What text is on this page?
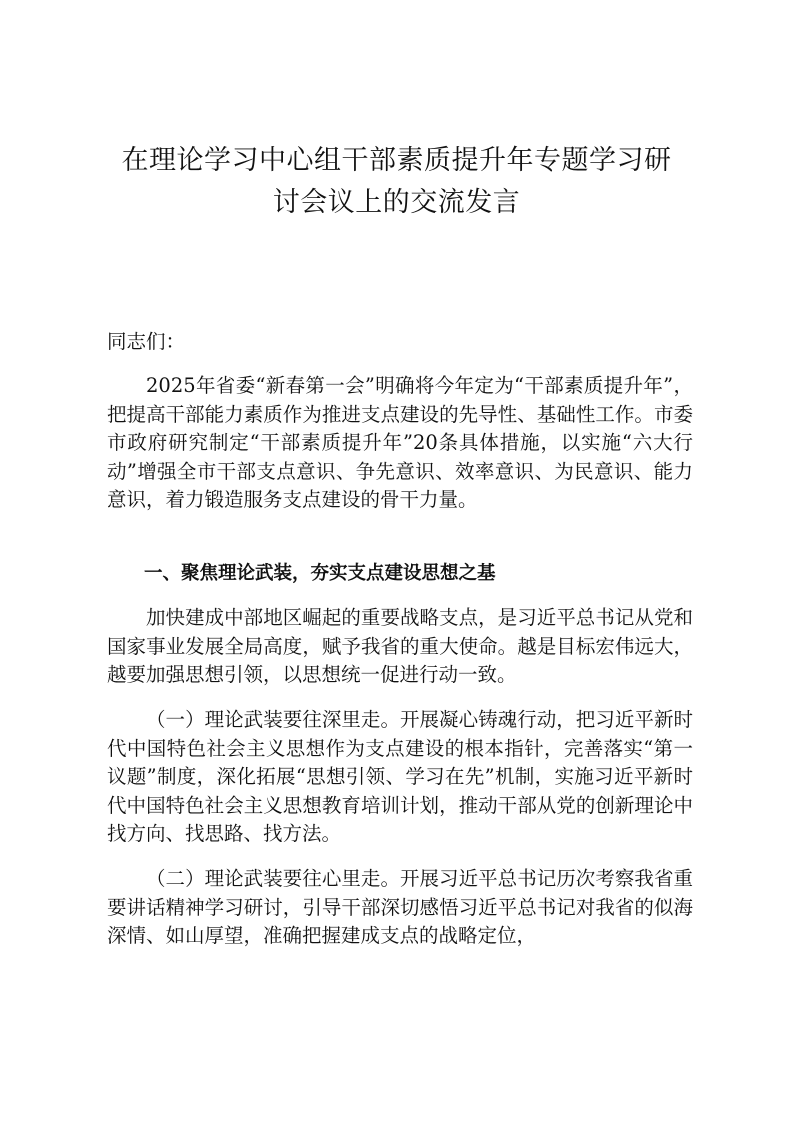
在理论学习中心组干部素质提升年专题学习研
讨会议上的交流发言

同志们：

2025年省委“新春第一会”明确将今年定为“干部素质提升年”，把提高干部能力素质作为推进支点建设的先导性、基础性工作。市委市政府研究制定“干部素质提升年”20条具体措施，以实施“六大行动”增强全市干部支点意识、争先意识、效率意识、为民意识、能力意识，着力锻造服务支点建设的骨干力量。

一、聚焦理论武装，夯实支点建设思想之基

加快建成中部地区崛起的重要战略支点，是习近平总书记从党和国家事业发展全局高度，赋予我省的重大使命。越是目标宏伟远大，越要加强思想引领，以思想统一促进行动一致。

（一）理论武装要往深里走。开展凝心铸魂行动，把习近平新时代中国特色社会主义思想作为支点建设的根本指针，完善落实“第一议题”制度，深化拓展“思想引领、学习在先”机制，实施习近平新时代中国特色社会主义思想教育培训计划，推动干部从党的创新理论中找方向、找思路、找方法。

（二）理论武装要往心里走。开展习近平总书记历次考察我省重要讲话精神学习研讨，引导干部深切感悟习近平总书记对我省的似海深情、如山厚望，准确把握建成支点的战略定位，
